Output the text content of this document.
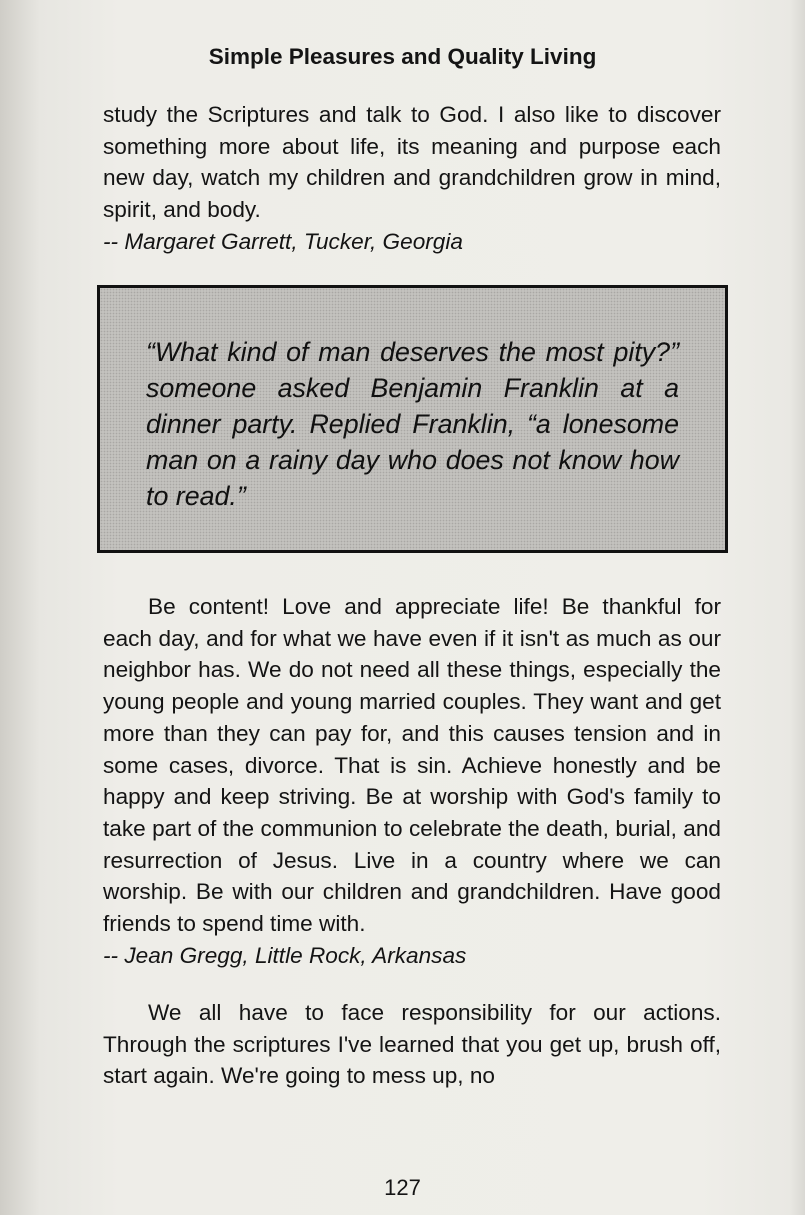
Simple Pleasures and Quality Living

study the Scriptures and talk to God. I also like to discover something more about life, its meaning and purpose each new day, watch my children and grandchildren grow in mind, spirit, and body.

-- Margaret Garrett, Tucker, Georgia

“What kind of man deserves the most pity?” someone asked Benjamin Franklin at a dinner party. Replied Franklin, “a lonesome man on a rainy day who does not know how to read.”

Be content! Love and appreciate life! Be thankful for each day, and for what we have even if it isn't as much as our neighbor has. We do not need all these things, especially the young people and young married couples. They want and get more than they can pay for, and this causes tension and in some cases, divorce. That is sin. Achieve honestly and be happy and keep striving. Be at worship with God's family to take part of the communion to celebrate the death, burial, and resurrection of Jesus. Live in a country where we can worship. Be with our children and grandchildren. Have good friends to spend time with.

-- Jean Gregg, Little Rock, Arkansas

We all have to face responsibility for our actions. Through the scriptures I've learned that you get up, brush off, start again. We're going to mess up, no

127
